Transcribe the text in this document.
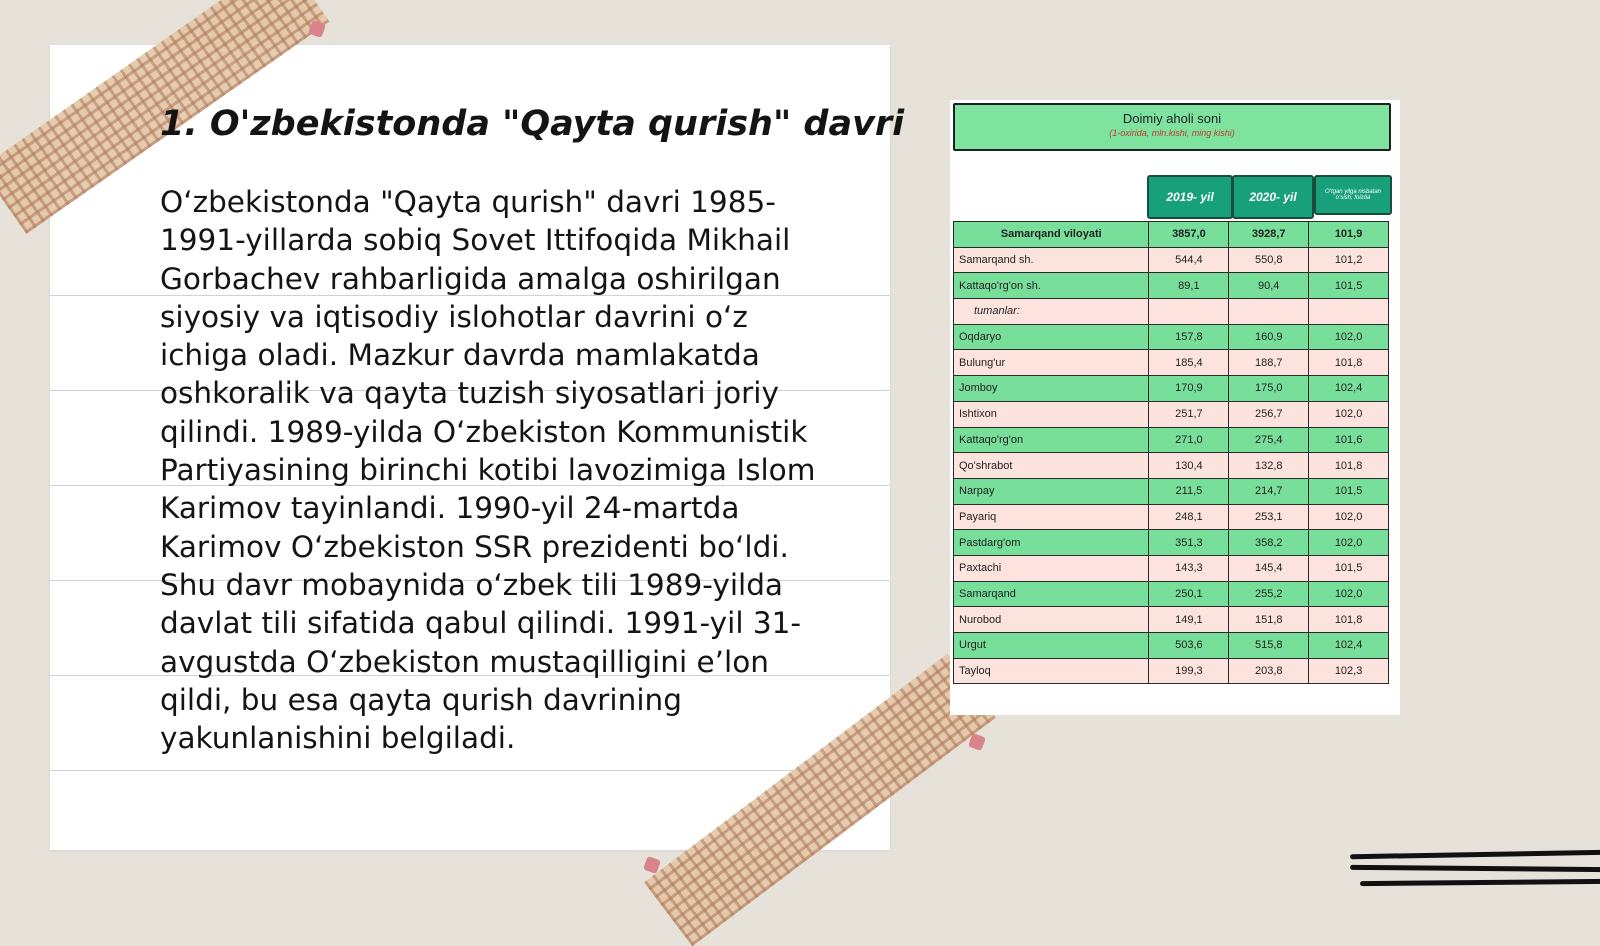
1. O'zbekistonda "Qayta qurish" davri

O‘zbekistonda "Qayta qurish" davri 1985-1991-yillarda sobiq Sovet Ittifoqida Mikhail Gorbachev rahbarligida amalga oshirilgan siyosiy va iqtisodiy islohotlar davrini o‘z ichiga oladi. Mazkur davrda mamlakatda oshkoralik va qayta tuzish siyosatlari joriy qilindi. 1989-yilda O‘zbekiston Kommunistik Partiyasining birinchi kotibi lavozimiga Islom Karimov tayinlandi. 1990-yil 24-martda Karimov O‘zbekiston SSR prezidenti bo‘ldi. Shu davr mobaynida o‘zbek tili 1989-yilda davlat tili sifatida qabul qilindi. 1991-yil 31-avgustda O‘zbekiston mustaqilligini e’lon qildi, bu esa qayta qurish davrining yakunlanishini belgiladi.

Doimiy aholi soni
(1-oxirida, mln.kishi, ming kishi)
2019- yil	2020- yil	O‘tgan yilga nisbatan o‘sish, foizda
Samarqand viloyati	3857,0	3928,7	101,9
Samarqand sh.	544,4	550,8	101,2
Kattaqo'rg'on sh.	89,1	90,4	101,5
tumanlar:			
Oqdaryo	157,8	160,9	102,0
Bulung'ur	185,4	188,7	101,8
Jomboy	170,9	175,0	102,4
Ishtixon	251,7	256,7	102,0
Kattaqo'rg'on	271,0	275,4	101,6
Qo'shrabot	130,4	132,8	101,8
Narpay	211,5	214,7	101,5
Payariq	248,1	253,1	102,0
Pastdarg'om	351,3	358,2	102,0
Paxtachi	143,3	145,4	101,5
Samarqand	250,1	255,2	102,0
Nurobod	149,1	151,8	101,8
Urgut	503,6	515,8	102,4
Tayloq	199,3	203,8	102,3
